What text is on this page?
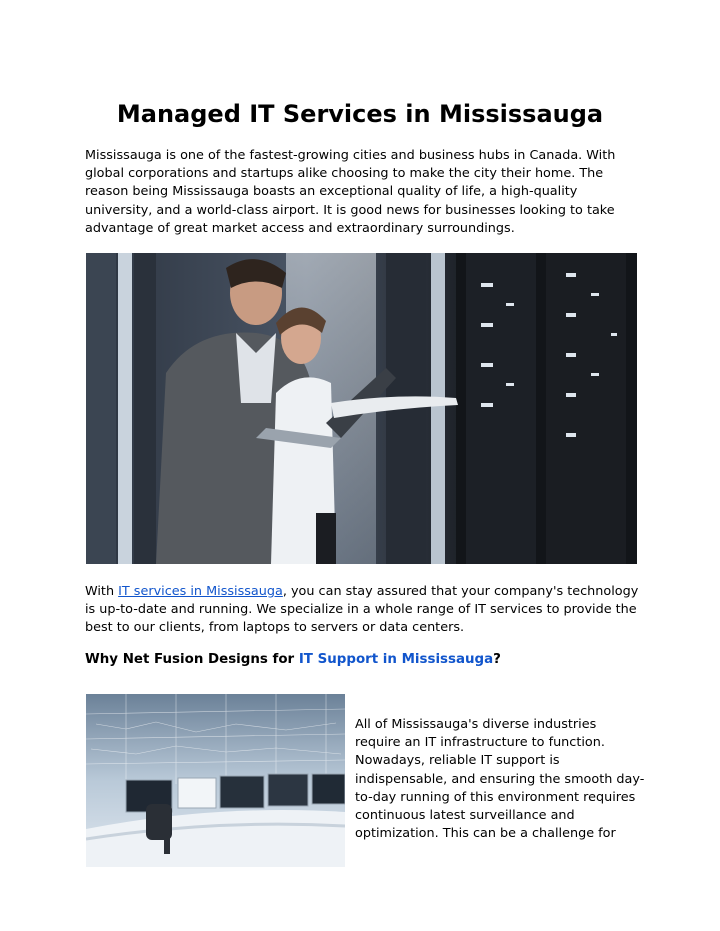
Managed IT Services in Mississauga

Mississauga is one of the fastest-growing cities and business hubs in Canada. With global corporations and startups alike choosing to make the city their home. The reason being Mississauga boasts an exceptional quality of life, a high-quality university, and a world-class airport. It is good news for businesses looking to take advantage of great market access and extraordinary surroundings.

With IT services in Mississauga, you can stay assured that your company's technology is up-to-date and running. We specialize in a whole range of IT services to provide the best to our clients, from laptops to servers or data centers.

Why Net Fusion Designs for IT Support in Mississauga?

All of Mississauga's diverse industries require an IT infrastructure to function. Nowadays, reliable IT support is indispensable, and ensuring the smooth day-to-day running of this environment requires continuous latest surveillance and optimization. This can be a challenge for
